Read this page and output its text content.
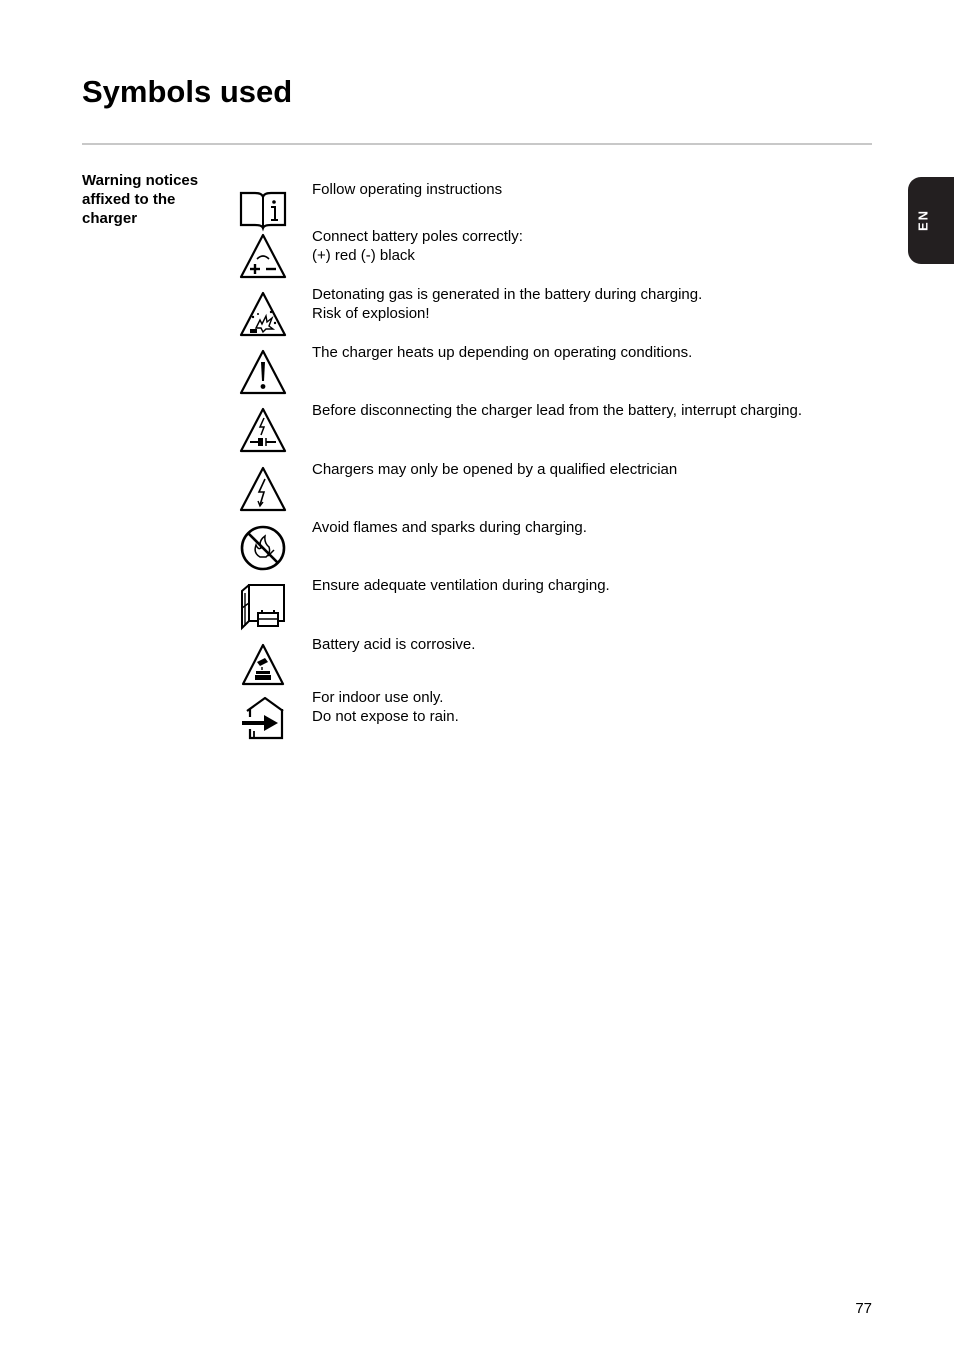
Symbols used
EN
Warning notices
affixed to the
charger
Follow operating instructions
Connect battery poles correctly:
(+) red (-) black
Detonating gas is generated in the battery during charging.
Risk of explosion!
The charger heats up depending on operating conditions.
Before disconnecting the charger lead from the battery, interrupt charging.
Chargers may only be opened by a qualified electrician
Avoid flames and sparks during charging.
Ensure adequate ventilation during charging.
Battery acid is corrosive.
For indoor use only.
Do not expose to rain.
77
